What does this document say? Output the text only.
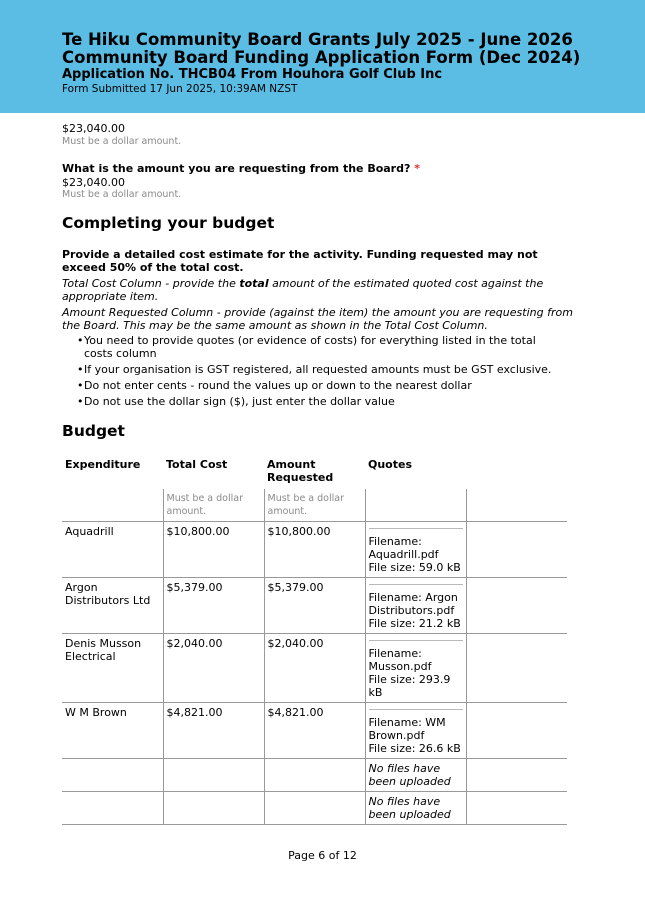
Te Hiku Community Board Grants July 2025 - June 2026
Community Board Funding Application Form (Dec 2024)
Application No. THCB04 From Houhora Golf Club Inc
Form Submitted 17 Jun 2025, 10:39AM NZST
$23,040.00
Must be a dollar amount.
What is the amount you are requesting from the Board? *
$23,040.00
Must be a dollar amount.
Completing your budget
Provide a detailed cost estimate for the activity. Funding requested may not exceed 50% of the total cost.
Total Cost Column - provide the total amount of the estimated quoted cost against the appropriate item.
Amount Requested Column - provide (against the item) the amount you are requesting from the Board. This may be the same amount as shown in the Total Cost Column.
• You need to provide quotes (or evidence of costs) for everything listed in the total costs column
• If your organisation is GST registered, all requested amounts must be GST exclusive.
• Do not enter cents - round the values up or down to the nearest dollar
• Do not use the dollar sign ($), just enter the dollar value
Budget
Expenditure	Total Cost	Amount Requested	Quotes	
	Must be a dollar amount.	Must be a dollar amount.		
Aquadrill	$10,800.00	$10,800.00	Filename: Aquadrill.pdf
File size: 59.0 kB	

Argon Distributors Ltd	$5,379.00	$5,379.00	Filename: Argon Distributors.pdf
File size: 21.2 kB	

Denis Musson Electrical	$2,040.00	$2,040.00	Filename: Musson.pdf
File size: 293.9 kB	

W M Brown	$4,821.00	$4,821.00	Filename: WM Brown.pdf
File size: 26.6 kB	

			No files have been uploaded	
			No files have been uploaded	
Page 6 of 12
